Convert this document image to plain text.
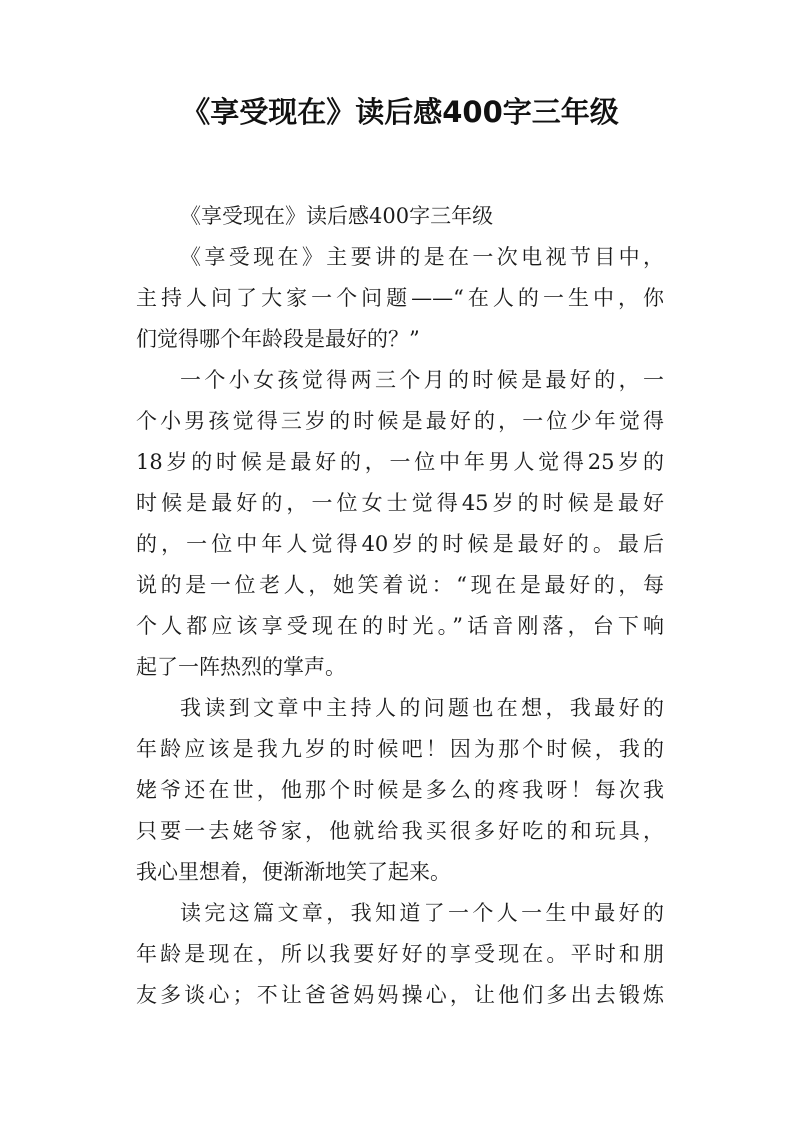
《享受现在》读后感400字三年级
《享受现在》读后感400字三年级
《享受现在》主要讲的是在一次电视节目中，
主持人问了大家一个问题——“在人的一生中，你
们觉得哪个年龄段是最好的？”
一个小女孩觉得两三个月的时候是最好的，一
个小男孩觉得三岁的时候是最好的，一位少年觉得
18岁的时候是最好的，一位中年男人觉得25岁的
时候是最好的，一位女士觉得45岁的时候是最好
的，一位中年人觉得40岁的时候是最好的。最后
说的是一位老人，她笑着说：“现在是最好的，每
个人都应该享受现在的时光。”话音刚落，台下响
起了一阵热烈的掌声。
我读到文章中主持人的问题也在想，我最好的
年龄应该是我九岁的时候吧！因为那个时候，我的
姥爷还在世，他那个时候是多么的疼我呀！每次我
只要一去姥爷家，他就给我买很多好吃的和玩具，
我心里想着，便渐渐地笑了起来。
读完这篇文章，我知道了一个人一生中最好的
年龄是现在，所以我要好好的享受现在。平时和朋
友多谈心；不让爸爸妈妈操心，让他们多出去锻炼
